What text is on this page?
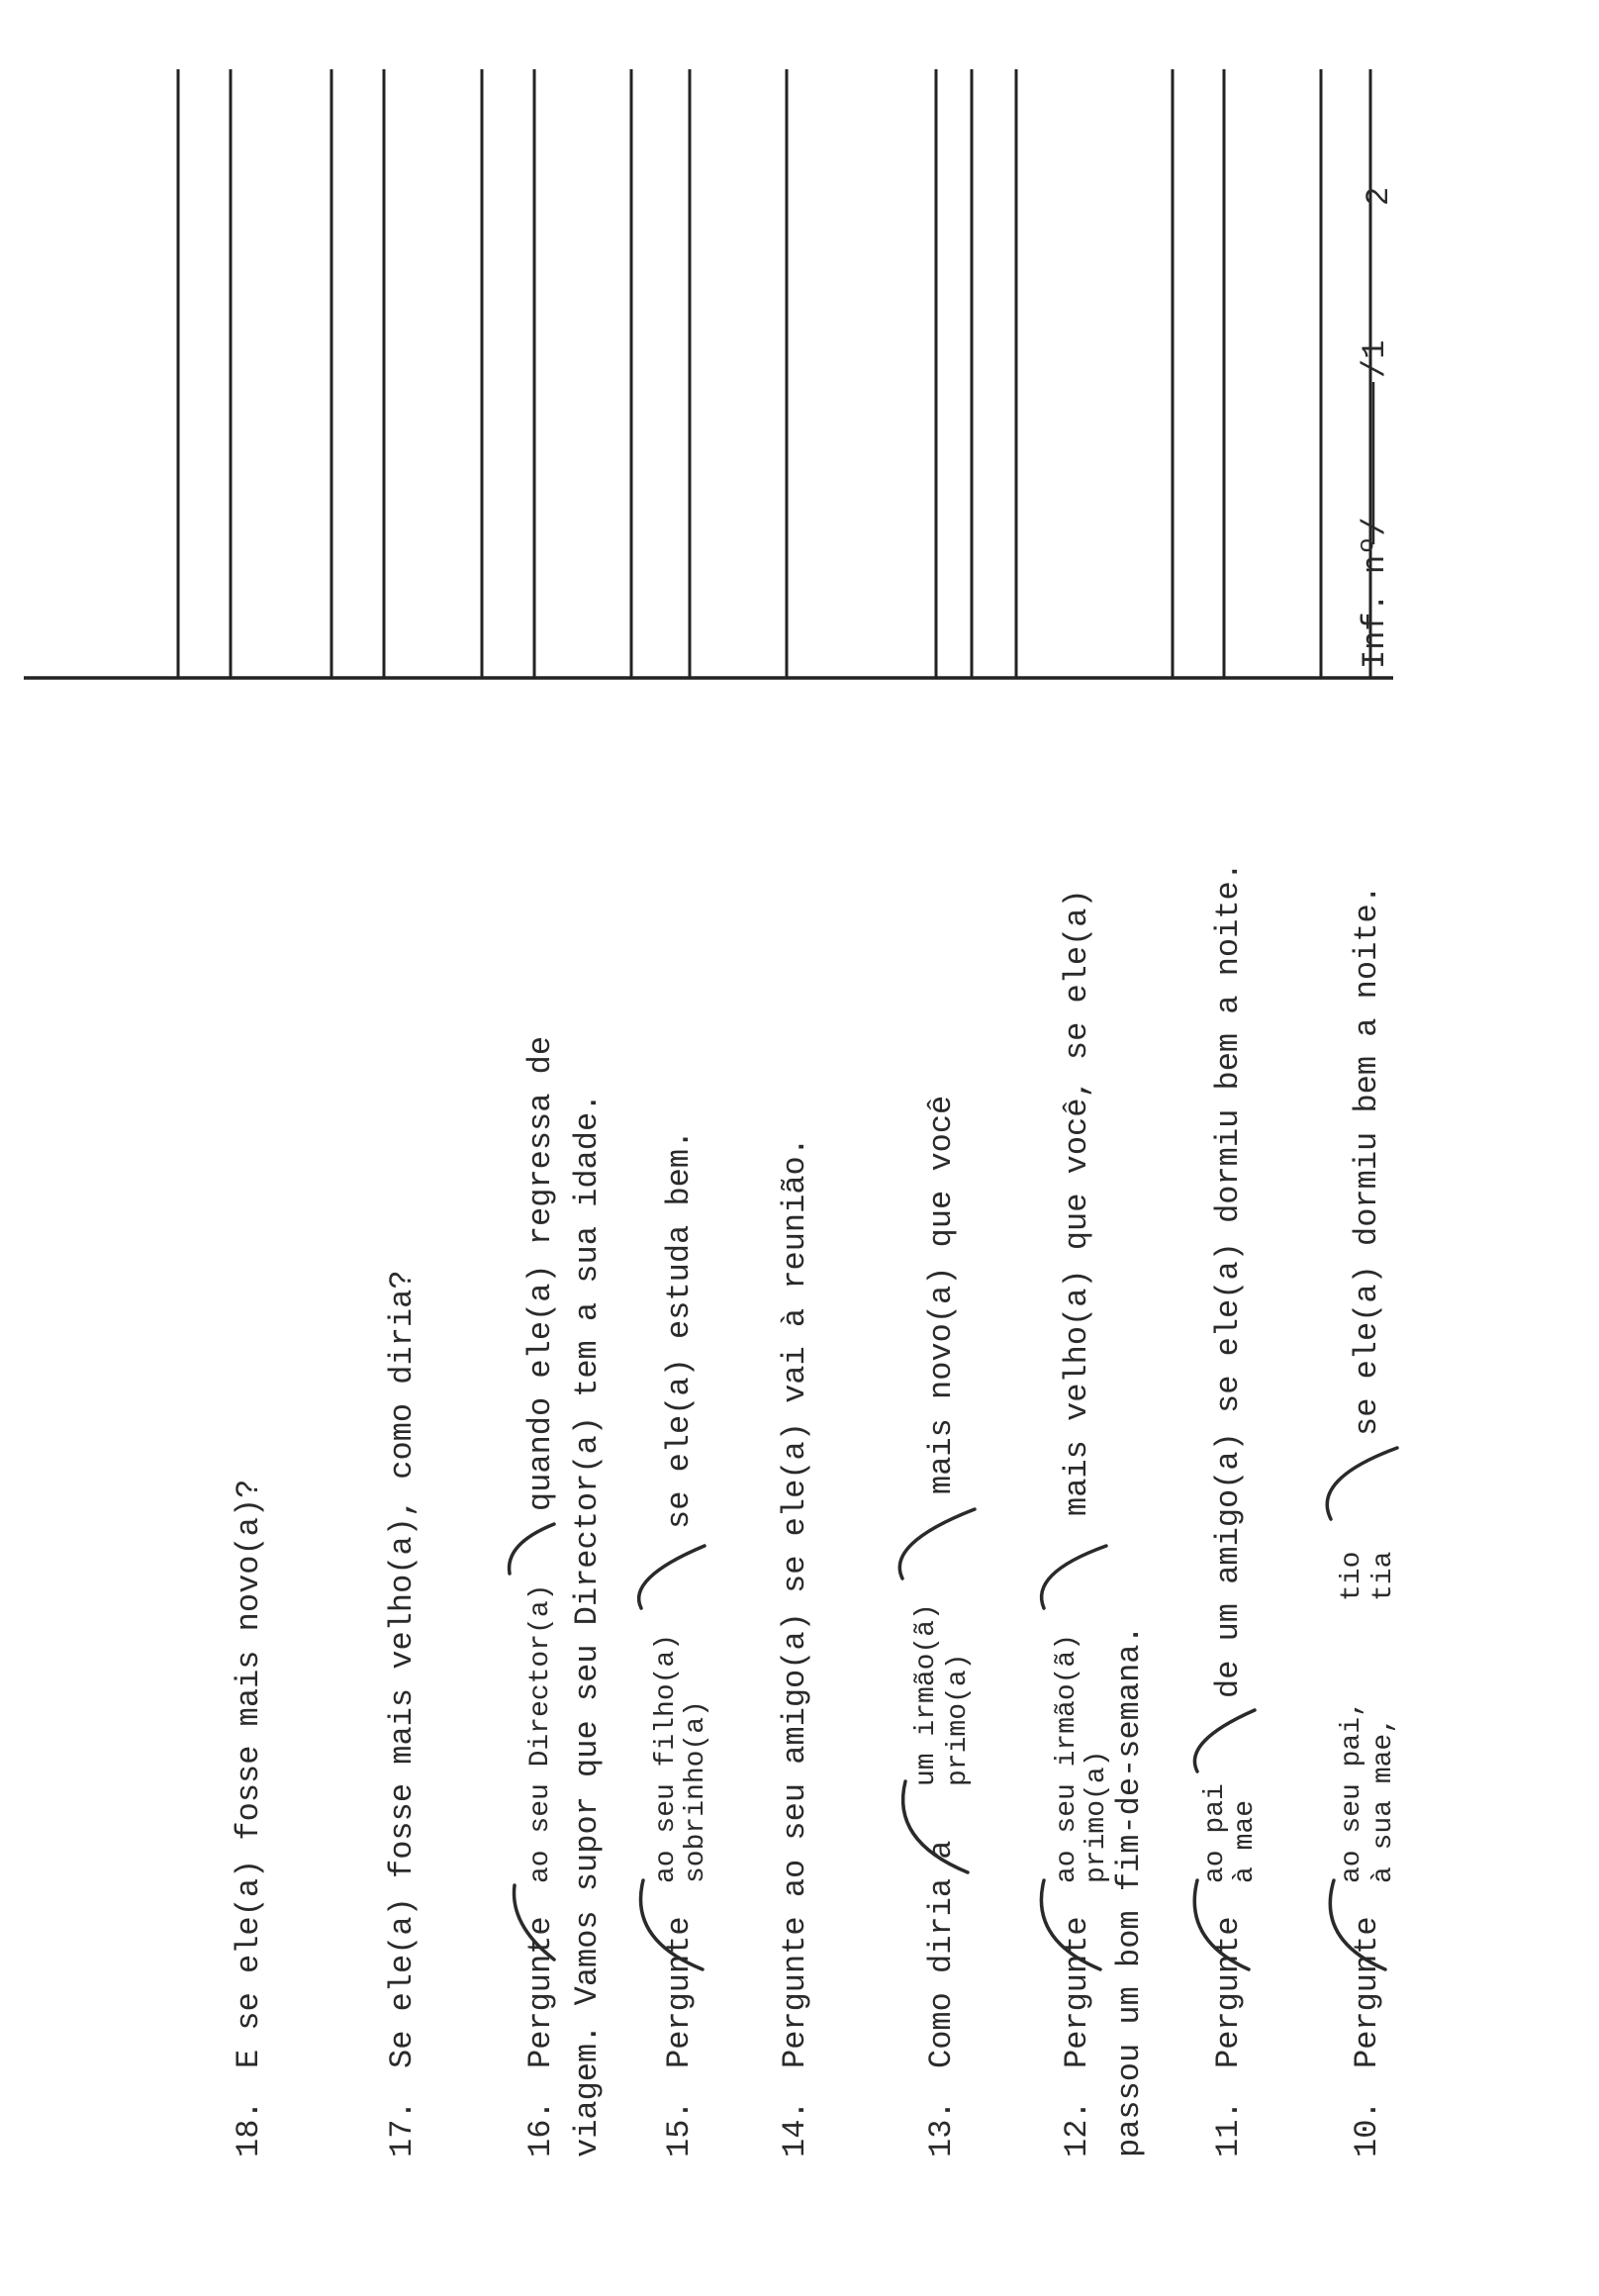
Inf. nº/
/1
2
10.
Pergunte
ao seu pai, à sua mae,
tio tia
se ele(a) dormiu bem a noite.
11.
Pergunte
ao pai à mae
de um amigo(a) se ele(a) dormiu bem a noite.
12.
Pergunte
ao seu irmão(ã) primo(a)
mais velho(a) que você, se ele(a)
passou um bom fim-de-semana.
13.
Como diria a
um irmão(ã) primo(a)
mais novo(a) que você
14.
Pergunte ao seu amigo(a) se ele(a) vai à reunião.
15.
Pergunte
ao seu filho(a) sobrinho(a)
se ele(a) estuda bem.
16.
Pergunte
ao seu Director(a)
quando ele(a) regressa de viagem. Vamos supor que seu Director(a) tem a sua idade.
17.
Se ele(a) fosse mais velho(a), como diria?
18.
E se ele(a) fosse mais novo(a)?
